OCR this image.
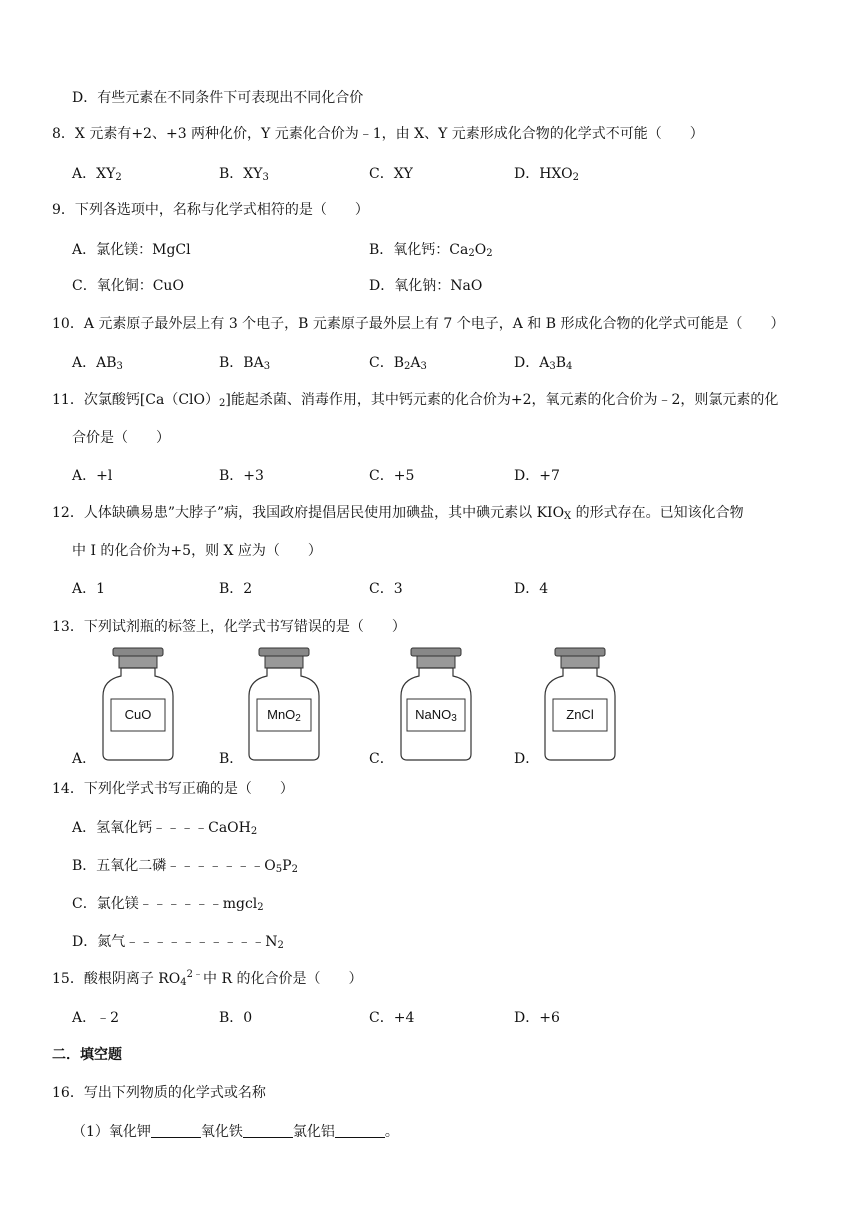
D．有些元素在不同条件下可表现出不同化合价
8．X 元素有+2、+3 两种化价，Y 元素化合价为﹣1，由 X、Y 元素形成化合物的化学式不可能（　　）
A．$XY_2$	B．$XY_3$	C．XY	D．$HXO_2$
9．下列各选项中，名称与化学式相符的是（　　）
A．氯化镁：MgCl	B．氧化钙：$Ca_2O_2$
C．氧化铜：CuO	D．氧化钠：NaO
10．A 元素原子最外层上有 3 个电子，B 元素原子最外层上有 7 个电子，A 和 B 形成化合物的化学式可能是（　　）
A．$AB_3$	B．$BA_3$	C．$B_2A_3$	D．$A_3B_4$
11．次氯酸钙$[Ca(ClO)_2]$能起杀菌、消毒作用，其中钙元素的化合价为+2，氧元素的化合价为﹣2，则氯元素的化
合价是（　　）
A．+l	B．+3	C．+5	D．+7
12．人体缺碘易患”大脖子”病，我国政府提倡居民使用加碘盐，其中碘元素以 $KIO_X$ 的形式存在。已知该化合物
中 I 的化合价为+5，则 X 应为（　　）
A．1	B．2	C．3	D．4
13．下列试剂瓶的标签上，化学式书写错误的是（　　）
CuO	MnO$_2$	NaNO$_3$	ZnCl
A．	B．	C．	D．
14．下列化学式书写正确的是（　　）
A．氢氧化钙﹣﹣﹣﹣CaOH$_2$
B．五氧化二磷$﹣﹣﹣﹣﹣﹣﹣O_5P_2$
C．氯化镁﹣﹣﹣﹣﹣﹣mgcl$_2$
D．氮气$﹣﹣﹣﹣﹣﹣﹣﹣﹣﹣N_2$
15．酸根阴离子 $RO_4^{2﹣}$中 R 的化合价是（　　）
A．﹣2	B．0	C．+4	D．+6
二．填空题
16．写出下列物质的化学式或名称
（1）氧化钾	氧化铁	氯化铝	。
